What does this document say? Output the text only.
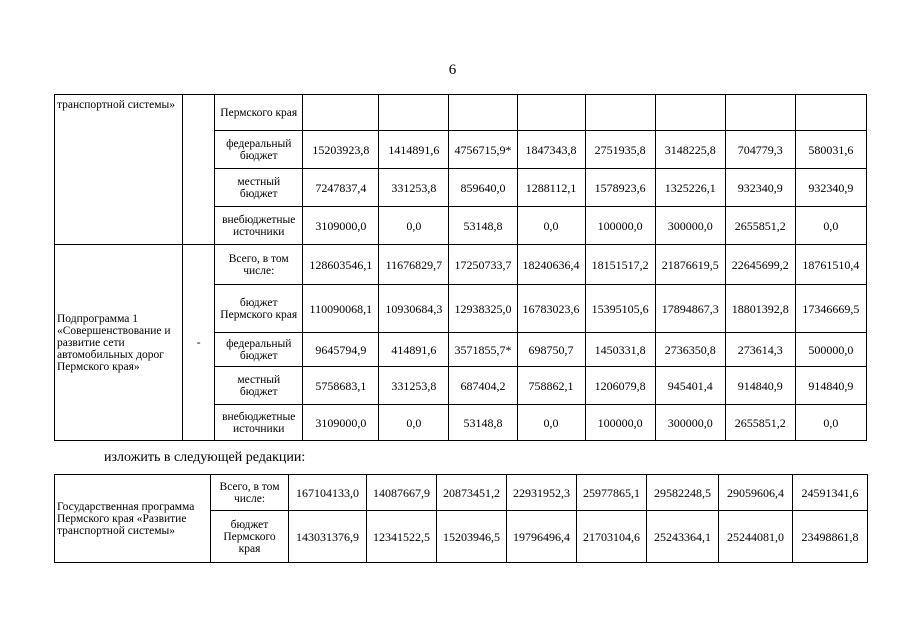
6
транспортной системы»		Пермского края								
		федеральный бюджет	15203923,8	1414891,6	4756715,9*	1847343,8	2751935,8	3148225,8	704779,3	580031,6
		местный бюджет	7247837,4	331253,8	859640,0	1288112,1	1578923,6	1325226,1	932340,9	932340,9
		внебюджетные источники	3109000,0	0,0	53148,8	0,0	100000,0	300000,0	2655851,2	0,0
Подпрограмма 1 «Совершенствование и развитие сети автомобильных дорог Пермского края»	-	Всего, в том числе:	128603546,1	11676829,7	17250733,7	18240636,4	18151517,2	21876619,5	22645699,2	18761510,4
		бюджет Пермского края	110090068,1	10930684,3	12938325,0	16783023,6	15395105,6	17894867,3	18801392,8	17346669,5
		федеральный бюджет	9645794,9	414891,6	3571855,7*	698750,7	1450331,8	2736350,8	273614,3	500000,0
		местный бюджет	5758683,1	331253,8	687404,2	758862,1	1206079,8	945401,4	914840,9	914840,9
		внебюджетные источники	3109000,0	0,0	53148,8	0,0	100000,0	300000,0	2655851,2	0,0
изложить в следующей редакции:
Государственная программа Пермского края «Развитие транспортной системы»	Всего, в том числе:	167104133,0	14087667,9	20873451,2	22931952,3	25977865,1	29582248,5	29059606,4	24591341,6
	бюджет Пермского края	143031376,9	12341522,5	15203946,5	19796496,4	21703104,6	25243364,1	25244081,0	23498861,8
